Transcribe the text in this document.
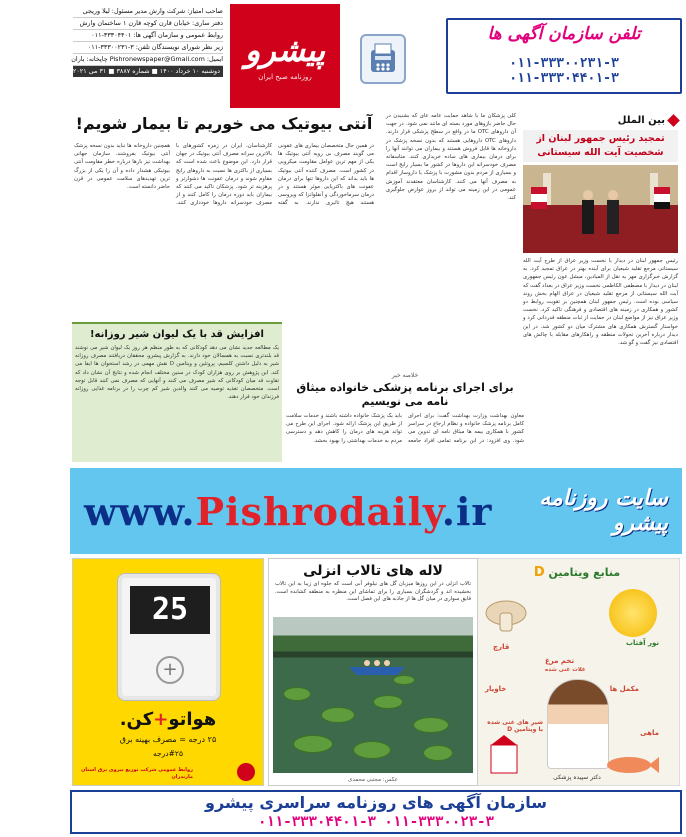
تلفن سازمان آگهی ها
۰۱۱-۳۳۳۰۰۲۳۱-۳ ۰۱۱-۳۳۳۰۴۴۰۱-۳
پیشرو
روزنامه صبح ایران
صاحب امتیاز: شرکت وارش مدیر مسئول: لیلا وریجی
دفتر ساری: خیابان قارن کوچه قارن ۱ ساختمان وارش
روابط عمومی و سازمان آگهی ها: ۳۳۳۰۴۴۰۱-۰۱۱
زیر نظر شورای نویسندگان تلفن: ۳-۳۳۳۰۰۲۳۱-۰۱۱
ایمیل: Pishronewspaper@Gmail.com چاپخانه: باران
دوشنبه ۱۰ خرداد ۱۴۰۰ ■ شماره ۳۸۸۷ ■ ۳۱ می ۲۰۲۱ ■ ۸ صفحه ■ ۱۵۰۰ تومان
بین الملل
تمجید رئیس جمهور لبنان از شخصیت آیت الله سیستانی
رئیس جمهور لبنان در دیدار با نخست وزیر عراق از طرح آیت الله سیستانی مرجع تقلید شیعیان برای آینده بهتر در عراق تمجید کرد. به گزارش خبرگزاری مهر به نقل از المیادین، میشل عون رئیس جمهوری لبنان در دیدار با مصطفی الکاظمی نخست وزیر عراق در بغداد گفت که آیت الله سیستانی از مرجع تقلید شیعیان در عراق الهام بخش روند سیاسی بوده است. رئیس جمهور لبنان همچنین بر تقویت روابط دو کشور و همکاری در زمینه های اقتصادی و فرهنگی تاکید کرد. نخست وزیر عراق نیز از مواضع لبنان در حمایت از ثبات منطقه قدردانی کرد و خواستار گسترش همکاری های مشترک میان دو کشور شد. در این دیدار درباره آخرین تحولات منطقه و راهکارهای مقابله با چالش های اقتصادی نیز گفت و گو شد.
کلی پزشکان ما با شاهد حمایت عامه عای که بشنیدن در حال حاضر بازوهای مورد بسته ای مانند نمی شود. در جهت آن داروهای OTC ما در واقع در سطح پزشکی قرار دارند. داروهای OTC داروهایی هستند که بدون نسخه پزشک در داروخانه ها قابل فروش هستند و بیماران می توانند آنها را برای درمان بیماری های ساده خریداری کنند. متاسفانه مصرف خودسرانه این داروها در کشور ما بسیار رایج است و بسیاری از مردم بدون مشورت با پزشک یا داروساز اقدام به مصرف آنها می کنند. کارشناسان معتقدند آموزش عمومی در این زمینه می تواند از بروز عوارض جلوگیری کند.
آنتی بیوتیک می خوریم تا بیمار شویم!
در همین حال متخصصان بیماری های عفونی می گویند مصرف بی رویه آنتی بیوتیک ها یکی از مهم ترین عوامل مقاومت میکروبی در کشور است. مصرف کننده آنتی بیوتیک ها باید بداند که این داروها تنها برای درمان عفونت های باکتریایی موثر هستند و در درمان سرماخوردگی و آنفلوانزا که ویروسی هستند هیچ تاثیری ندارند. به گفته کارشناسان، ایران در زمره کشورهای با بالاترین سرانه مصرف آنتی بیوتیک در جهان قرار دارد. این موضوع باعث شده است که بسیاری از باکتری ها نسبت به داروهای رایج مقاوم شوند و درمان عفونت ها دشوارتر و پرهزینه تر شود. پزشکان تاکید می کنند که بیماران باید دوره درمان را کامل کنند و از مصرف خودسرانه داروها خودداری کنند. همچنین داروخانه ها نباید بدون نسخه پزشک آنتی بیوتیک بفروشند. سازمان جهانی بهداشت نیز بارها درباره خطر مقاومت آنتی بیوتیکی هشدار داده و آن را یکی از بزرگ ترین تهدیدهای سلامت عمومی در قرن حاضر دانسته است.
افزایش قد با یک لیوان شیر روزانه!
یک مطالعه جدید نشان می دهد کودکانی که به طور منظم هر روز یک لیوان شیر می نوشند قد بلندتری نسبت به همسالان خود دارند. به گزارش پیشرو، محققان دریافتند مصرف روزانه شیر به دلیل داشتن کلسیم، پروتئین و ویتامین D نقش مهمی در رشد استخوان ها ایفا می کند. این پژوهش بر روی هزاران کودک در سنین مختلف انجام شده و نتایج آن نشان داد که تفاوت قد میان کودکانی که شیر مصرف می کنند و آنهایی که مصرف نمی کنند قابل توجه است. متخصصان تغذیه توصیه می کنند والدین شیر کم چرب را در برنامه غذایی روزانه فرزندان خود قرار دهند.
خلاصه خبر
برای اجرای برنامه پزشکی خانواده میثاق نامه می نویسیم
معاون بهداشت وزارت بهداشت گفت: برای اجرای کامل برنامه پزشک خانواده و نظام ارجاع در سراسر کشور با همکاری بیمه ها میثاق نامه ای تدوین می شود. وی افزود: در این برنامه تمامی افراد جامعه باید یک پزشک خانواده داشته باشند و خدمات سلامت از طریق این پزشک ارائه شود. اجرای این طرح می تواند هزینه های درمان را کاهش دهد و دسترسی مردم به خدمات بهداشتی را بهبود بخشد.
www.Pishrodaily.ir	سایت روزنامه پیشرو
منابع ویتامین D
نور آفتاب
تخم مرغ
قارچ
خاویار	مکمل ها
ماهی
غلات غنی شده
شیر های غنی شده با ویتامین D
دکتر سپیده پزشکی
لاله های تالاب انزلی
تالاب انزلی در این روزها میزبان گل های نیلوفر آبی است که جلوه ای زیبا به این تالاب بخشیده اند و گردشگران بسیاری را برای تماشای این منظره به منطقه کشانده است. قایق سواری در میان گل ها از جاذبه های این فصل است.
عکس: مجتبی محمدی
25
+
هواتو+کن.
۲۵ درجه = مصرف بهینه برق
#۲۵درجه
روابط عمومی شرکت توزیع نیروی برق استان مازندران
سازمان آگهی های روزنامه سراسری پیشرو
۰۱۱-۳۳۳۰۴۴۰۱-۳ ۰۱۱-۳۳۳۰۰۲۳-۳
